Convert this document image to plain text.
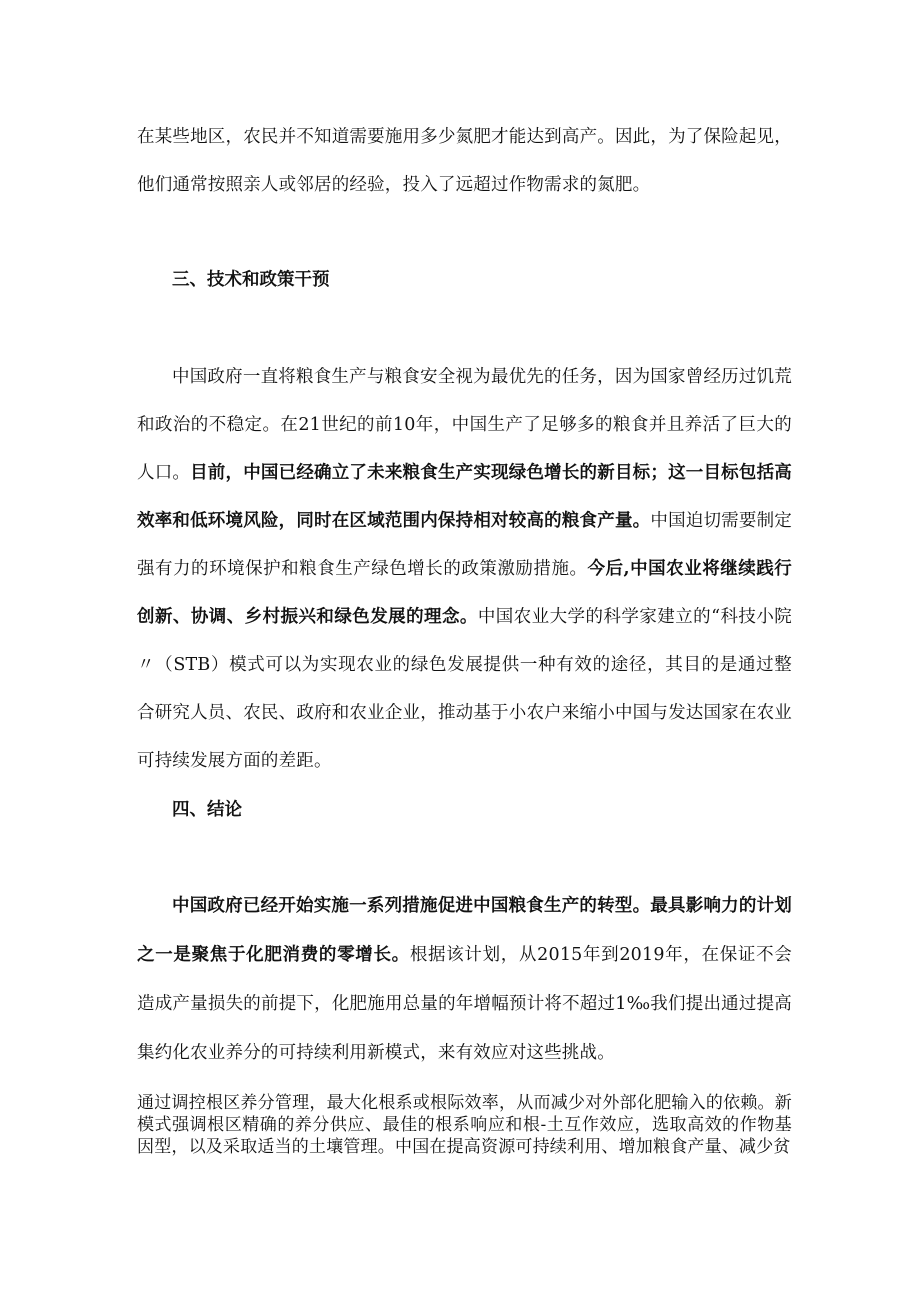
在某些地区，农民并不知道需要施用多少氮肥才能达到高产。因此，为了保险起见，他们通常按照亲人或邻居的经验，投入了远超过作物需求的氮肥。

三、技术和政策干预

中国政府一直将粮食生产与粮食安全视为最优先的任务，因为国家曾经历过饥荒和政治的不稳定。在21世纪的前10年，中国生产了足够多的粮食并且养活了巨大的人口。目前，中国已经确立了未来粮食生产实现绿色增长的新目标；这一目标包括高效率和低环境风险，同时在区域范围内保持相对较高的粮食产量。中国迫切需要制定强有力的环境保护和粮食生产绿色增长的政策激励措施。今后,中国农业将继续践行创新、协调、乡村振兴和绿色发展的理念。中国农业大学的科学家建立的“科技小院〃（STB）模式可以为实现农业的绿色发展提供一种有效的途径，其目的是通过整合研究人员、农民、政府和农业企业，推动基于小农户来缩小中国与发达国家在农业可持续发展方面的差距。

四、结论

中国政府已经开始实施一系列措施促进中国粮食生产的转型。最具影响力的计划之一是聚焦于化肥消费的零增长。根据该计划，从2015年到2019年，在保证不会造成产量损失的前提下，化肥施用总量的年增幅预计将不超过1‰我们提出通过提高集约化农业养分的可持续利用新模式，来有效应对这些挑战。

通过调控根区养分管理，最大化根系或根际效率，从而减少对外部化肥输入的依赖。新模式强调根区精确的养分供应、最佳的根系响应和根-土互作效应，选取高效的作物基因型，以及采取适当的土壤管理。中国在提高资源可持续利用、增加粮食产量、减少贫
